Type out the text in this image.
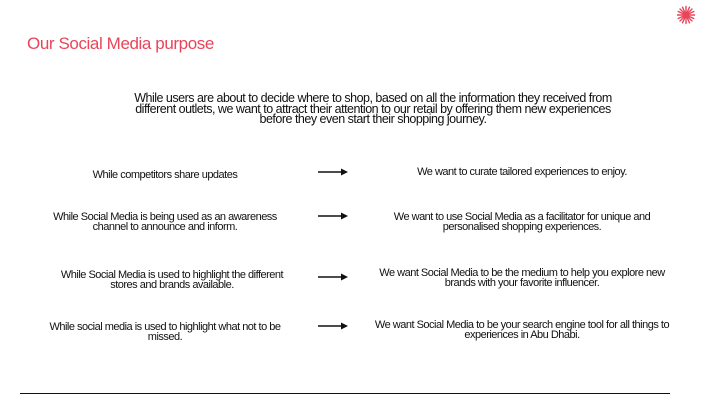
Our Social Media purpose
While users are about to decide where to shop, based on all the information they received from different outlets, we want to attract their attention to our retail by offering them new experiences before they even start their shopping journey.
While competitors share updates	We want to curate tailored experiences to enjoy.
While Social Media is being used as an awareness channel to announce and inform.
We want to use Social Media as a facilitator for unique and personalised shopping experiences.
While Social Media is used to highlight the different stores and brands available.
We want Social Media to be the medium to help you explore new brands with your favorite influencer.
While social media is used to highlight what not to be missed.
We want Social Media to be your search engine tool for all things to experiences in Abu Dhabi.
